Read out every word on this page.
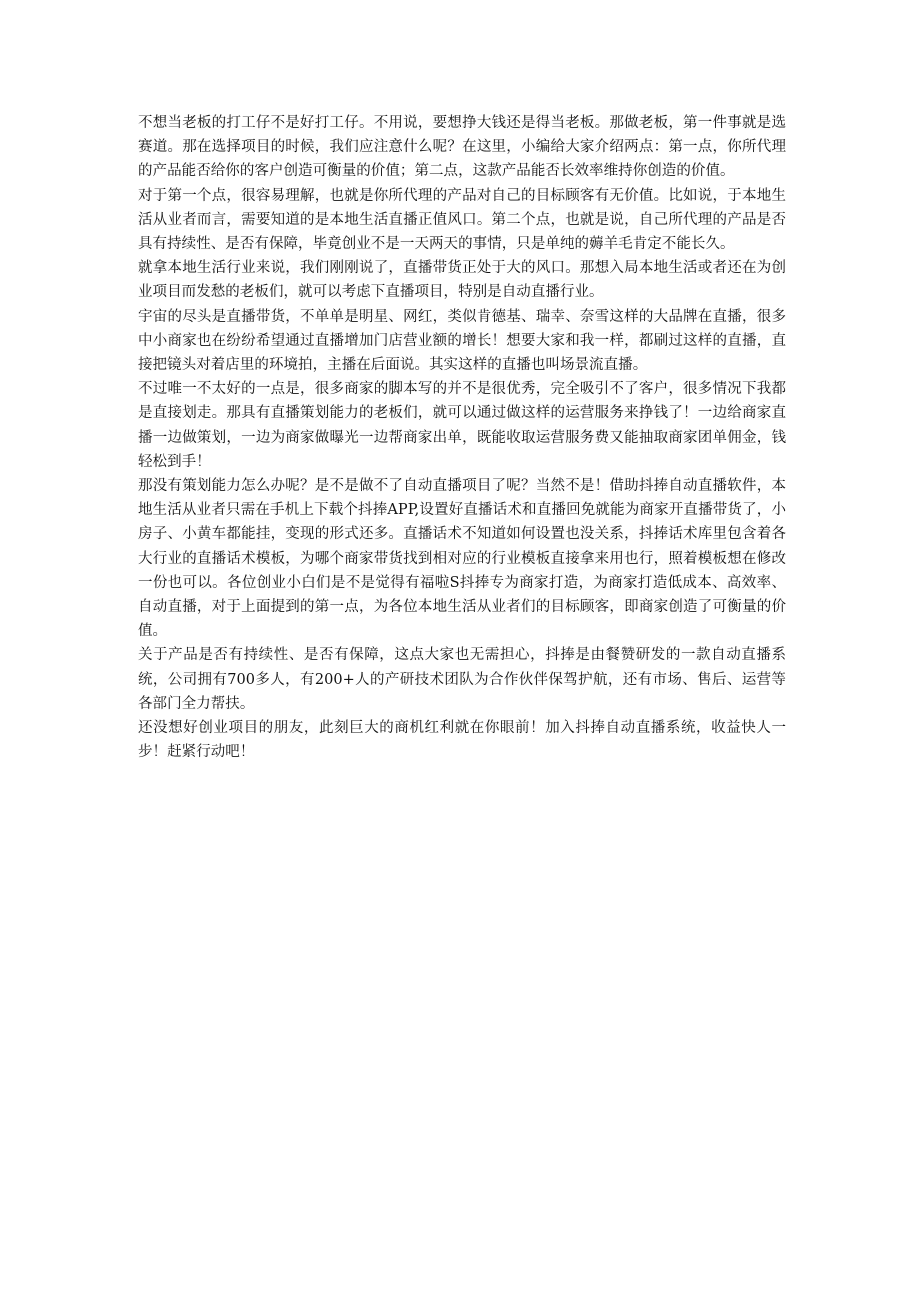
不想当老板的打工仔不是好打工仔。不用说，要想挣大钱还是得当老板。那做老板，第一件事就是选赛道。那在选择项目的时候，我们应注意什么呢？在这里，小编给大家介绍两点：第一点，你所代理的产品能否给你的客户创造可衡量的价值；第二点，这款产品能否长效率维持你创造的价值。

对于第一个点，很容易理解，也就是你所代理的产品对自己的目标顾客有无价值。比如说，于本地生活从业者而言，需要知道的是本地生活直播正值风口。第二个点，也就是说，自己所代理的产品是否具有持续性、是否有保障，毕竟创业不是一天两天的事情，只是单纯的薅羊毛肯定不能长久。

就拿本地生活行业来说，我们刚刚说了，直播带货正处于大的风口。那想入局本地生活或者还在为创业项目而发愁的老板们，就可以考虑下直播项目，特别是自动直播行业。

宇宙的尽头是直播带货，不单单是明星、网红，类似肯德基、瑞幸、奈雪这样的大品牌在直播，很多中小商家也在纷纷希望通过直播增加门店营业额的增长！想要大家和我一样，都刷过这样的直播，直接把镜头对着店里的环境拍，主播在后面说。其实这样的直播也叫场景流直播。

不过唯一不太好的一点是，很多商家的脚本写的并不是很优秀，完全吸引不了客户，很多情况下我都是直接划走。那具有直播策划能力的老板们，就可以通过做这样的运营服务来挣钱了！一边给商家直播一边做策划，一边为商家做曝光一边帮商家出单，既能收取运营服务费又能抽取商家团单佣金，钱轻松到手！

那没有策划能力怎么办呢？是不是做不了自动直播项目了呢？当然不是！借助抖捧自动直播软件，本地生活从业者只需在手机上下载个抖捧APP,设置好直播话术和直播回免就能为商家开直播带货了，小房子、小黄车都能挂，变现的形式还多。直播话术不知道如何设置也没关系，抖捧话术库里包含着各大行业的直播话术模板，为哪个商家带货找到相对应的行业模板直接拿来用也行，照着模板想在修改一份也可以。各位创业小白们是不是觉得有福啦S抖捧专为商家打造，为商家打造低成本、高效率、自动直播，对于上面提到的第一点，为各位本地生活从业者们的目标顾客，即商家创造了可衡量的价值。

关于产品是否有持续性、是否有保障，这点大家也无需担心，抖捧是由餐赞研发的一款自动直播系统，公司拥有700多人，有200+人的产研技术团队为合作伙伴保驾护航，还有市场、售后、运营等各部门全力帮扶。

还没想好创业项目的朋友，此刻巨大的商机红利就在你眼前！加入抖捧自动直播系统，收益快人一步！赶紧行动吧！
